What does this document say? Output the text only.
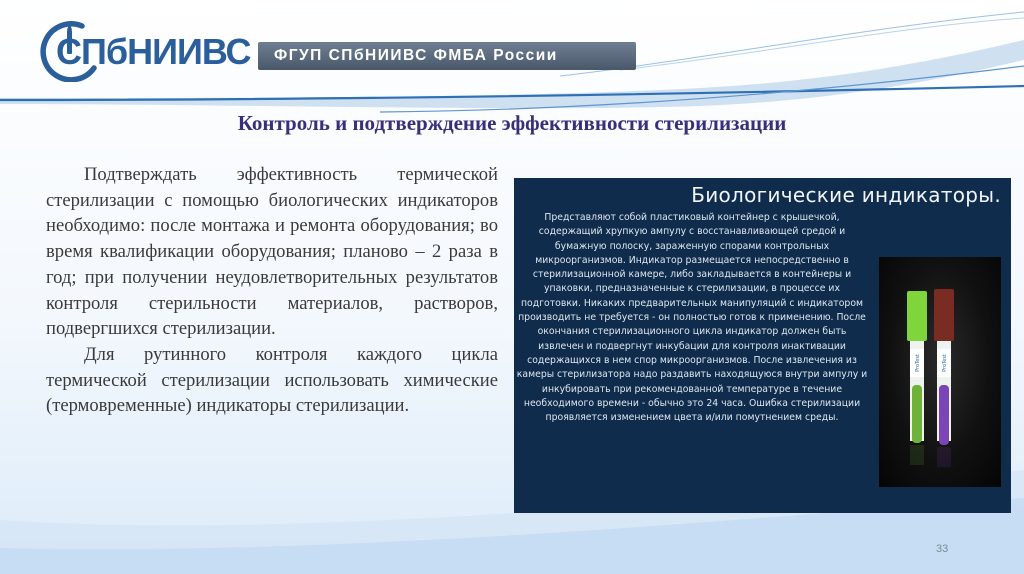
СПбНИИВС	ФГУП СПбНИИВС ФМБА России
Контроль и подтверждение эффективности стерилизации

Подтверждать эффективность термической стерилизации с помощью биологических индикаторов необходимо: после монтажа и ремонта оборудования; во время квалификации оборудования; планово – 2 раза в год; при получении неудовлетворительных результатов контроля стерильности материалов, растворов, подвергшихся стерилизации.

Для рутинного контроля каждого цикла термической стерилизации использовать химические (термовременные) индикаторы стерилизации.

Биологические индикаторы.
Представляют собой пластиковый контейнер с крышечкой, содержащий хрупкую ампулу с восстанавливающей средой и бумажную полоску, зараженную спорами контрольных микроорганизмов. Индикатор размещается непосредственно в стерилизационной камере, либо закладывается в контейнеры и упаковки, предназначенные к стерилизации, в процессе их подготовки. Никаких предварительных манипуляций с индикатором производить не требуется - он полностью готов к применению. После окончания стерилизационного цикла индикатор должен быть извлечен и подвергнут инкубации для контроля инактивации содержащихся в нем спор микроорганизмов. После извлечения из камеры стерилизатора надо раздавить находящуюся внутри ампулу и инкубировать при рекомендованной температуре в течение необходимого времени - обычно это 24 часа. Ошибка стерилизации проявляется изменением цвета и/или помутнением среды.
ProTest	ProTest
33
